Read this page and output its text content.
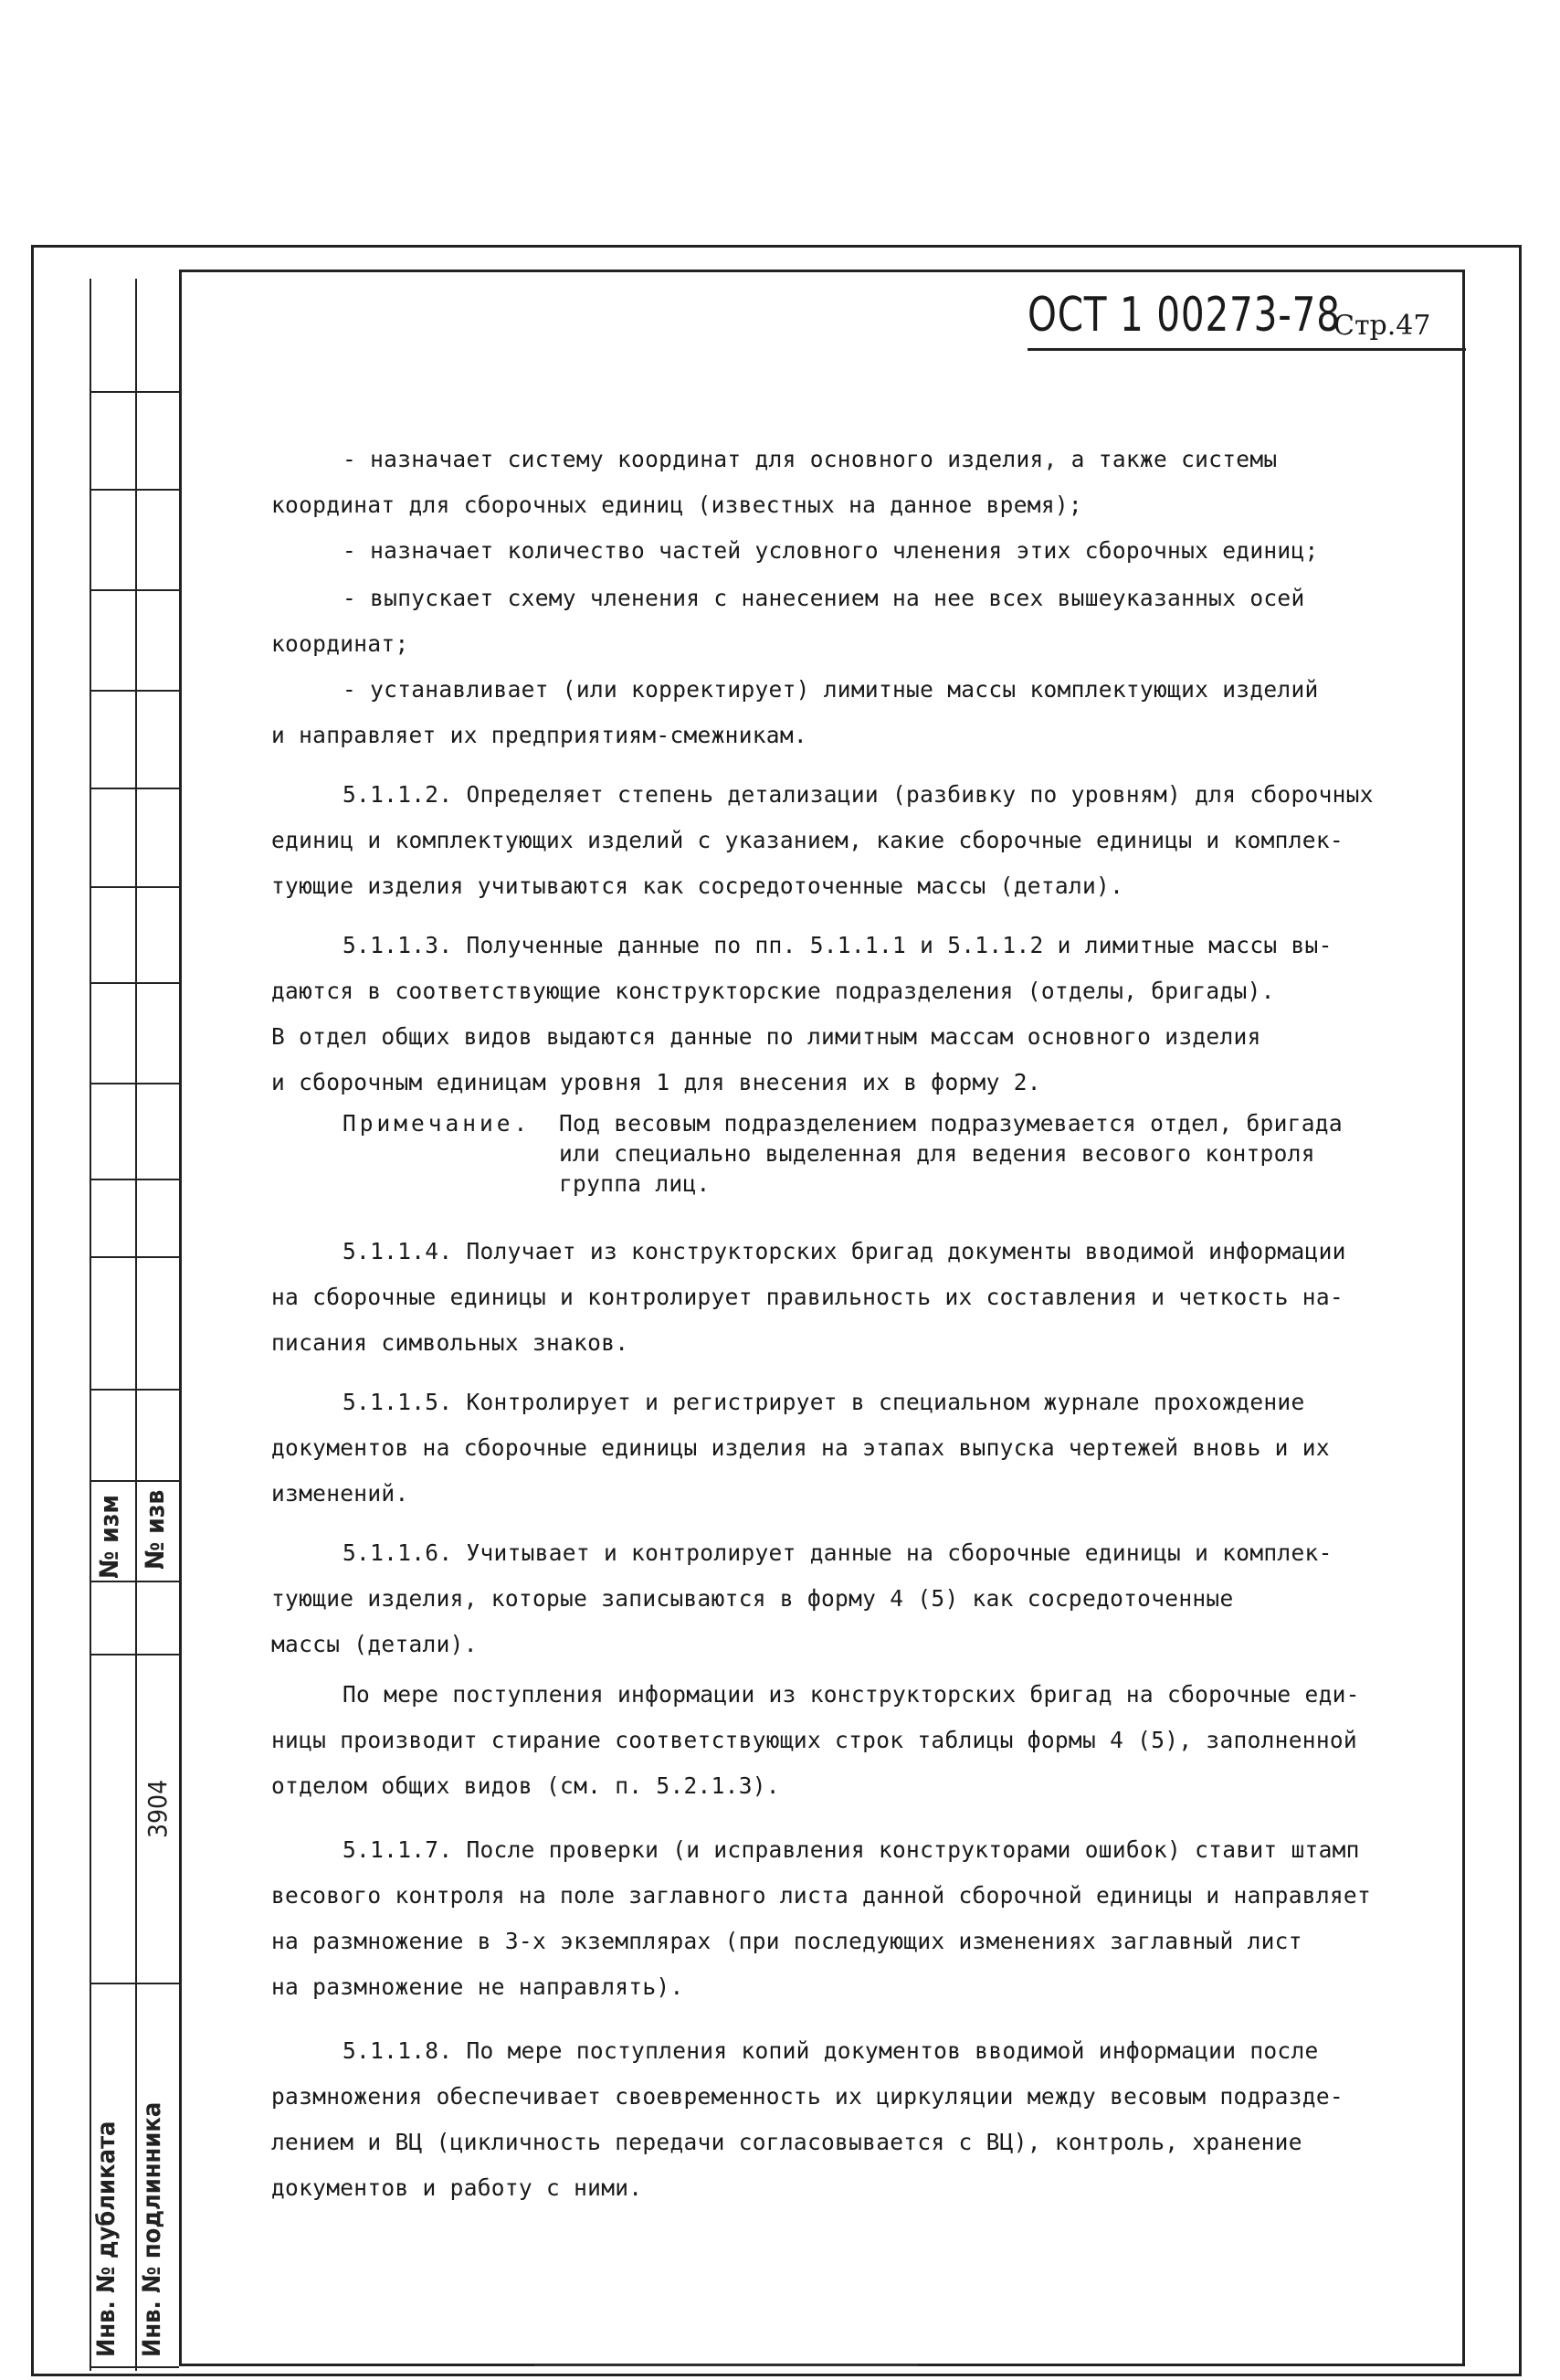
№ изм № изв
3904
Инв. № дубликата Инв. № подлинника
ОСТ 1 00273-78
Стр.47
- назначает систему координат для основного изделия, а также системы
координат для сборочных единиц (известных на данное время);
- назначает количество частей условного членения этих сборочных единиц;
- выпускает схему членения с нанесением на нее всех вышеуказанных осей
координат;
- устанавливает (или корректирует) лимитные массы комплектующих изделий
и направляет их предприятиям-смежникам.
5.1.1.2. Определяет степень детализации (разбивку по уровням) для сборочных
единиц и комплектующих изделий с указанием, какие сборочные единицы и комплек-
тующие изделия учитываются как сосредоточенные массы (детали).
5.1.1.3. Полученные данные по пп. 5.1.1.1 и 5.1.1.2 и лимитные массы вы-
даются в соответствующие конструкторские подразделения (отделы, бригады).
В отдел общих видов выдаются данные по лимитным массам основного изделия
и сборочным единицам уровня 1 для внесения их в форму 2.
Примечание. Под весовым подразделением подразумевается отдел, бригада
или специально выделенная для ведения весового контроля
группа лиц.
5.1.1.4. Получает из конструкторских бригад документы вводимой информации
на сборочные единицы и контролирует правильность их составления и четкость на-
писания символьных знаков.
5.1.1.5. Контролирует и регистрирует в специальном журнале прохождение
документов на сборочные единицы изделия на этапах выпуска чертежей вновь и их
изменений.
5.1.1.6. Учитывает и контролирует данные на сборочные единицы и комплек-
тующие изделия, которые записываются в форму 4 (5) как сосредоточенные
массы (детали).
По мере поступления информации из конструкторских бригад на сборочные еди-
ницы производит стирание соответствующих строк таблицы формы 4 (5), заполненной
отделом общих видов (см. п. 5.2.1.3).
5.1.1.7. После проверки (и исправления конструкторами ошибок) ставит штамп
весового контроля на поле заглавного листа данной сборочной единицы и направляет
на размножение в 3-х экземплярах (при последующих изменениях заглавный лист
на размножение не направлять).
5.1.1.8. По мере поступления копий документов вводимой информации после
размножения обеспечивает своевременность их циркуляции между весовым подразде-
лением и ВЦ (цикличность передачи согласовывается с ВЦ), контроль, хранение
документов и работу с ними.
